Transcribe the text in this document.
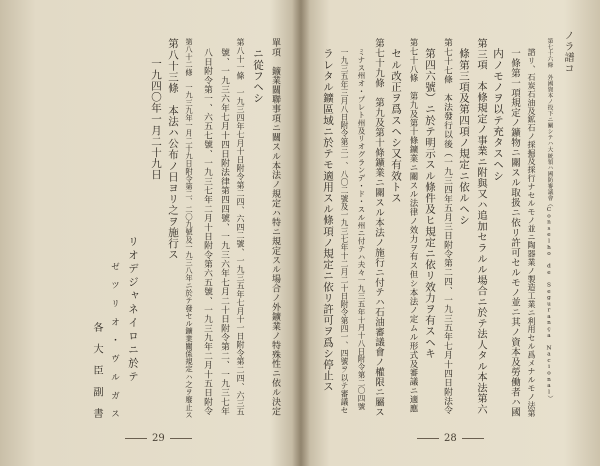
ノラ譜コ
第七十六條　外國資本ノ投下ニ關シテハ大統領ハ國防審議會（Conselho de Segurança Nacional）
諮リ、石炭石油及鉱石ノ採掘及採行ナセルモノ並ニ陶器業ノ製造工業ニ利用セル爲メナルモノ法第
一條第一項規定ノ鑛物ニ關スル取扱ニ依リ許可セルモノ並ニ其ノ資本及勞働者ハ國
内ノモノヲ以テ充タスヘシ
第三項　本條規定ノ事業ニ附與又ハ追加セラルル場合ニ於テ法人タル本法第六
條第三項及第四項ノ規定ニ依ルヘシ
第七十七條　本法發行以後（一九三四年五月三日附令第二四、一九三五年七月十四日附法令
第四六號）ニ於テ明示スル條件及ヒ規定ニ依リ效力ヲ有スヘキ
第七十八條　第九及第十條鑛業ニ關スル法律ノ效力ヲ有ス但シ本法ノ定ムル形式及審議ニ適應
セル改正ヲ爲スヘシ又有效トス
第七十九條　第九及第十條鑛業ニ關スル本法ノ施行ニ付テハ石油審議會ノ權限ニ屬ス
ミナス州オ・プレト州及リオグランデ・ド・スル州ニ付テハ夫々一九三五年十月十八日附令第二〇四號
一九三五年三月八日附令第三一、八〇二號及一九三七年十二月二十日附令第四一、四號ヲ以テ審議セ
ラレタル鑛區域ニ於テモ適用スル條項ノ規定ニ依リ許可ヲ爲シ停止ス
28
單項　鑛業關聯事項ニ關スル本法ノ規定ハ特ニ規定スル場合ノ外鑛業ノ特殊性ニ依ル決定
ニ從フヘシ
第八十一條　一九三四年七月十日附令第二四、六四二號、一九三五年七月十一日附令第二四、六三五
號、一九三六年七月十四日附法律第四四號、一九三六年七月二十日附令第二、一九三七年
八日附令第一、六五七號、一九三七年二月十日附令第六五號、一九三九年二月十五日附令
第八十二條　一九三九年一月二十九日附令第二、二〇九號及一九三八年ニ於テ發セル鑛業關係規定ハ之ヲ廢止ス
第八十三條　本法ハ公布ノ日ヨリ之ヲ施行ス
一九四〇年一月二十九日
リオデジャネイロニ於テ
ゼ　ツ　リ　オ　・　ヴ　ル　ガ　ス
各　大　臣　副　書
29
